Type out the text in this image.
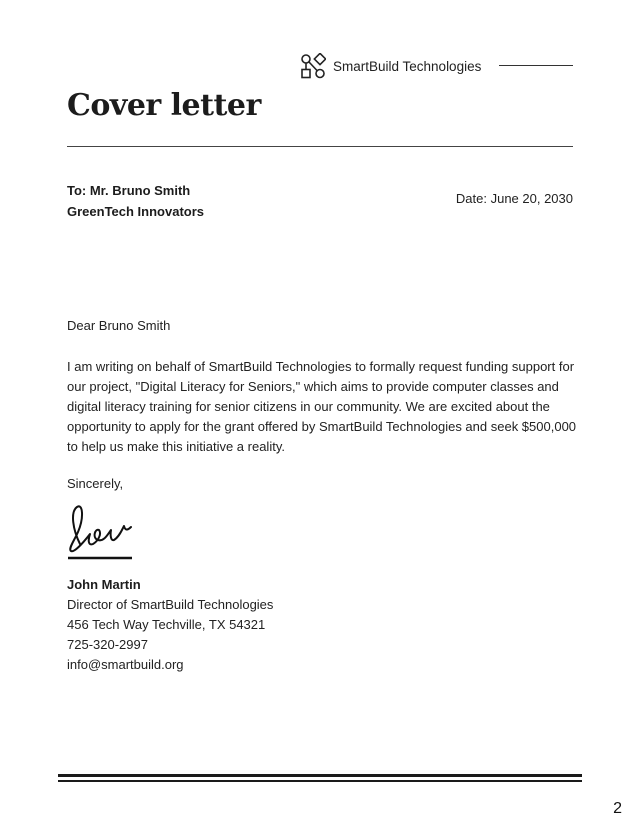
SmartBuild Technologies
Cover letter
To: Mr. Bruno Smith
GreenTech Innovators
Date: June 20, 2030
Dear Bruno Smith

I am writing on behalf of SmartBuild Technologies to formally request funding support for our project, "Digital Literacy for Seniors," which aims to provide computer classes and digital literacy training for senior citizens in our community. We are excited about the opportunity to apply for the grant offered by SmartBuild Technologies and seek $500,000 to help us make this initiative a reality.

Sincerely,
John Martin
Director of SmartBuild Technologies
456 Tech Way Techville, TX 54321
725-320-2997
info@smartbuild.org
2
